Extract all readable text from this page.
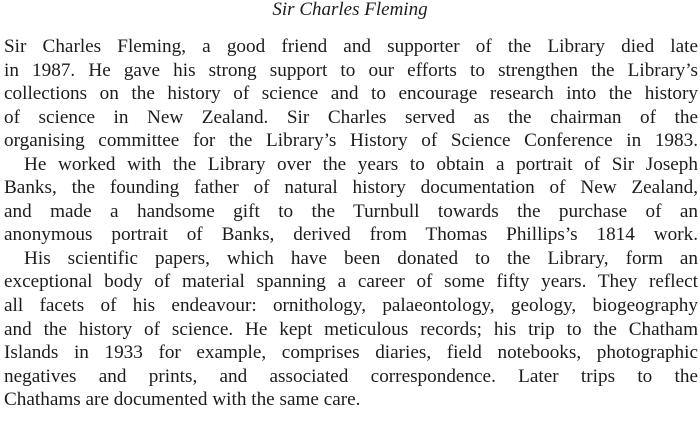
Sir Charles Fleming
Sir Charles Fleming, a good friend and supporter of the Library died late
in 1987. He gave his strong support to our efforts to strengthen the Library’s
collections on the history of science and to encourage research into the history
of science in New Zealand. Sir Charles served as the chairman of the
organising committee for the Library’s History of Science Conference in 1983.
He worked with the Library over the years to obtain a portrait of Sir Joseph
Banks, the founding father of natural history documentation of New Zealand,
and made a handsome gift to the Turnbull towards the purchase of an
anonymous portrait of Banks, derived from Thomas Phillips’s 1814 work.
His scientific papers, which have been donated to the Library, form an
exceptional body of material spanning a career of some fifty years. They reflect
all facets of his endeavour: ornithology, palaeontology, geology, biogeography
and the history of science. He kept meticulous records; his trip to the Chatham
Islands in 1933 for example, comprises diaries, field notebooks, photographic
negatives and prints, and associated correspondence. Later trips to the
Chathams are documented with the same care.
